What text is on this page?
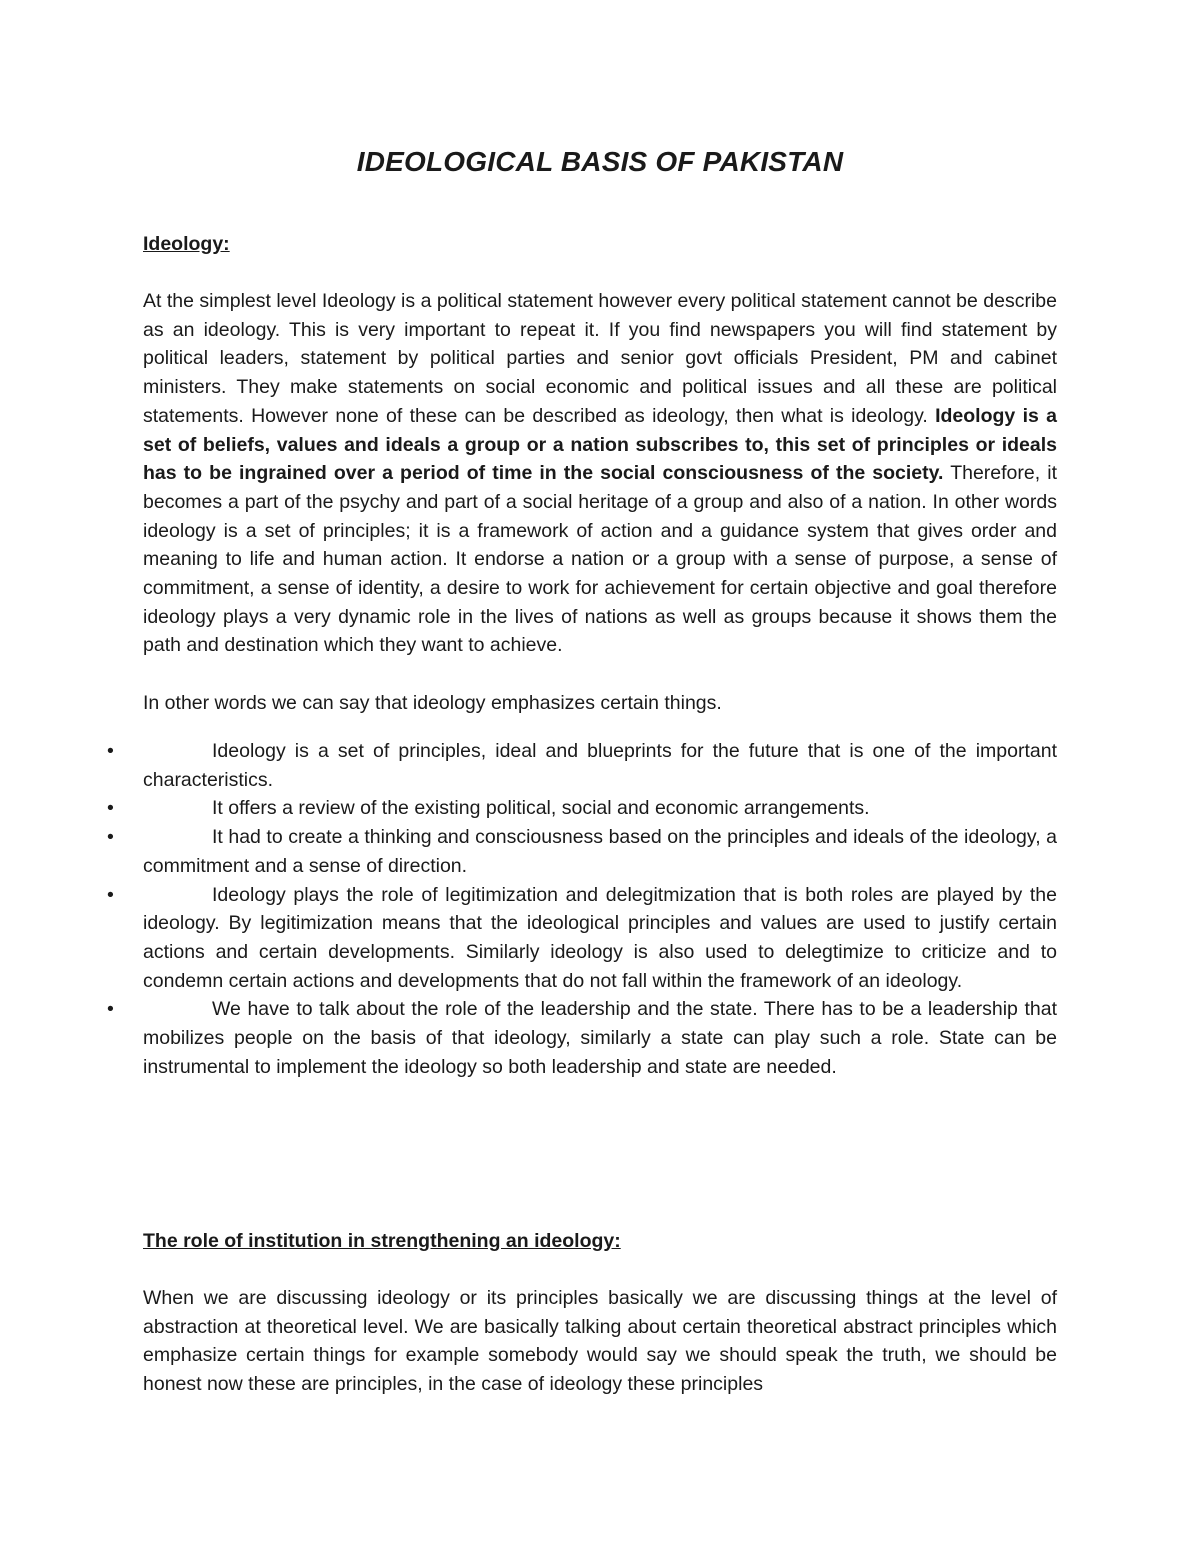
IDEOLOGICAL BASIS OF PAKISTAN
Ideology:
At the simplest level Ideology is a political statement however every political statement cannot be describe as an ideology. This is very important to repeat it. If you find newspapers you will find statement by political leaders, statement by political parties and senior govt officials President, PM and cabinet ministers. They make statements on social economic and political issues and all these are political statements. However none of these can be described as ideology, then what is ideology. Ideology is a set of beliefs, values and ideals a group or a nation subscribes to, this set of principles or ideals has to be ingrained over a period of time in the social consciousness of the society. Therefore, it becomes a part of the psychy and part of a social heritage of a group and also of a nation. In other words ideology is a set of principles; it is a framework of action and a guidance system that gives order and meaning to life and human action. It endorse a nation or a group with a sense of purpose, a sense of commitment, a sense of identity, a desire to work for achievement for certain objective and goal therefore ideology plays a very dynamic role in the lives of nations as well as groups because it shows them the path and destination which they want to achieve.
In other words we can say that ideology emphasizes certain things.
•	Ideology is a set of principles, ideal and blueprints for the future that is one of the important characteristics.
•	It offers a review of the existing political, social and economic arrangements.
•	It had to create a thinking and consciousness based on the principles and ideals of the ideology, a commitment and a sense of direction.
•	Ideology plays the role of legitimization and delegitmization that is both roles are played by the ideology. By legitimization means that the ideological principles and values are used to justify certain actions and certain developments. Similarly ideology is also used to delegtimize to criticize and to condemn certain actions and developments that do not fall within the framework of an ideology.
•	We have to talk about the role of the leadership and the state. There has to be a leadership that mobilizes people on the basis of that ideology, similarly a state can play such a role. State can be instrumental to implement the ideology so both leadership and state are needed.
The role of institution in strengthening an ideology:
When we are discussing ideology or its principles basically we are discussing things at the level of abstraction at theoretical level. We are basically talking about certain theoretical abstract principles which emphasize certain things for example somebody would say we should speak the truth, we should be honest now these are principles, in the case of ideology these principles
